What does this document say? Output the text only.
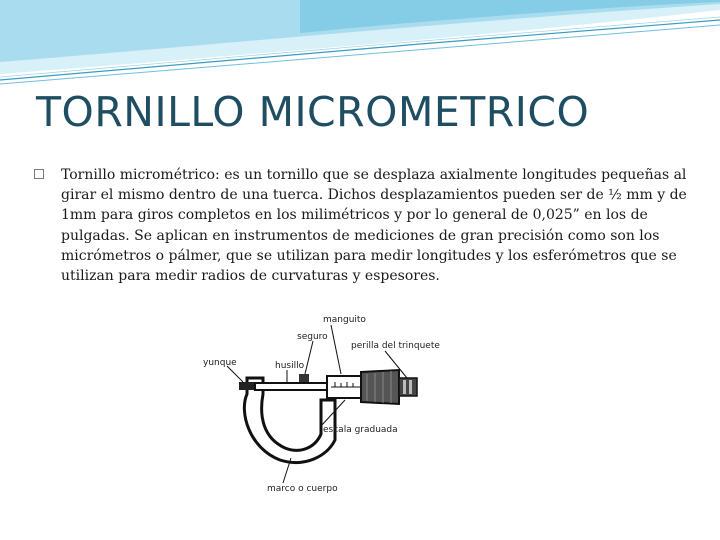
TORNILLO MICROMETRICO
Tornillo micrométrico: es un tornillo que se desplaza axialmente longitudes pequeñas al girar el mismo dentro de una tuerca. Dichos desplazamientos pueden ser de ½ mm y de 1mm para giros completos en los milimétricos y por lo general de 0,025” en los de pulgadas. Se aplican en instrumentos de mediciones de gran precisión como son los micrómetros o pálmer, que se utilizan para medir longitudes y los esferómetros que se utilizan para medir radios de curvaturas y espesores.
manguito
seguro
perilla del trinquete
yunque	husillo
escala graduada
marco o cuerpo
